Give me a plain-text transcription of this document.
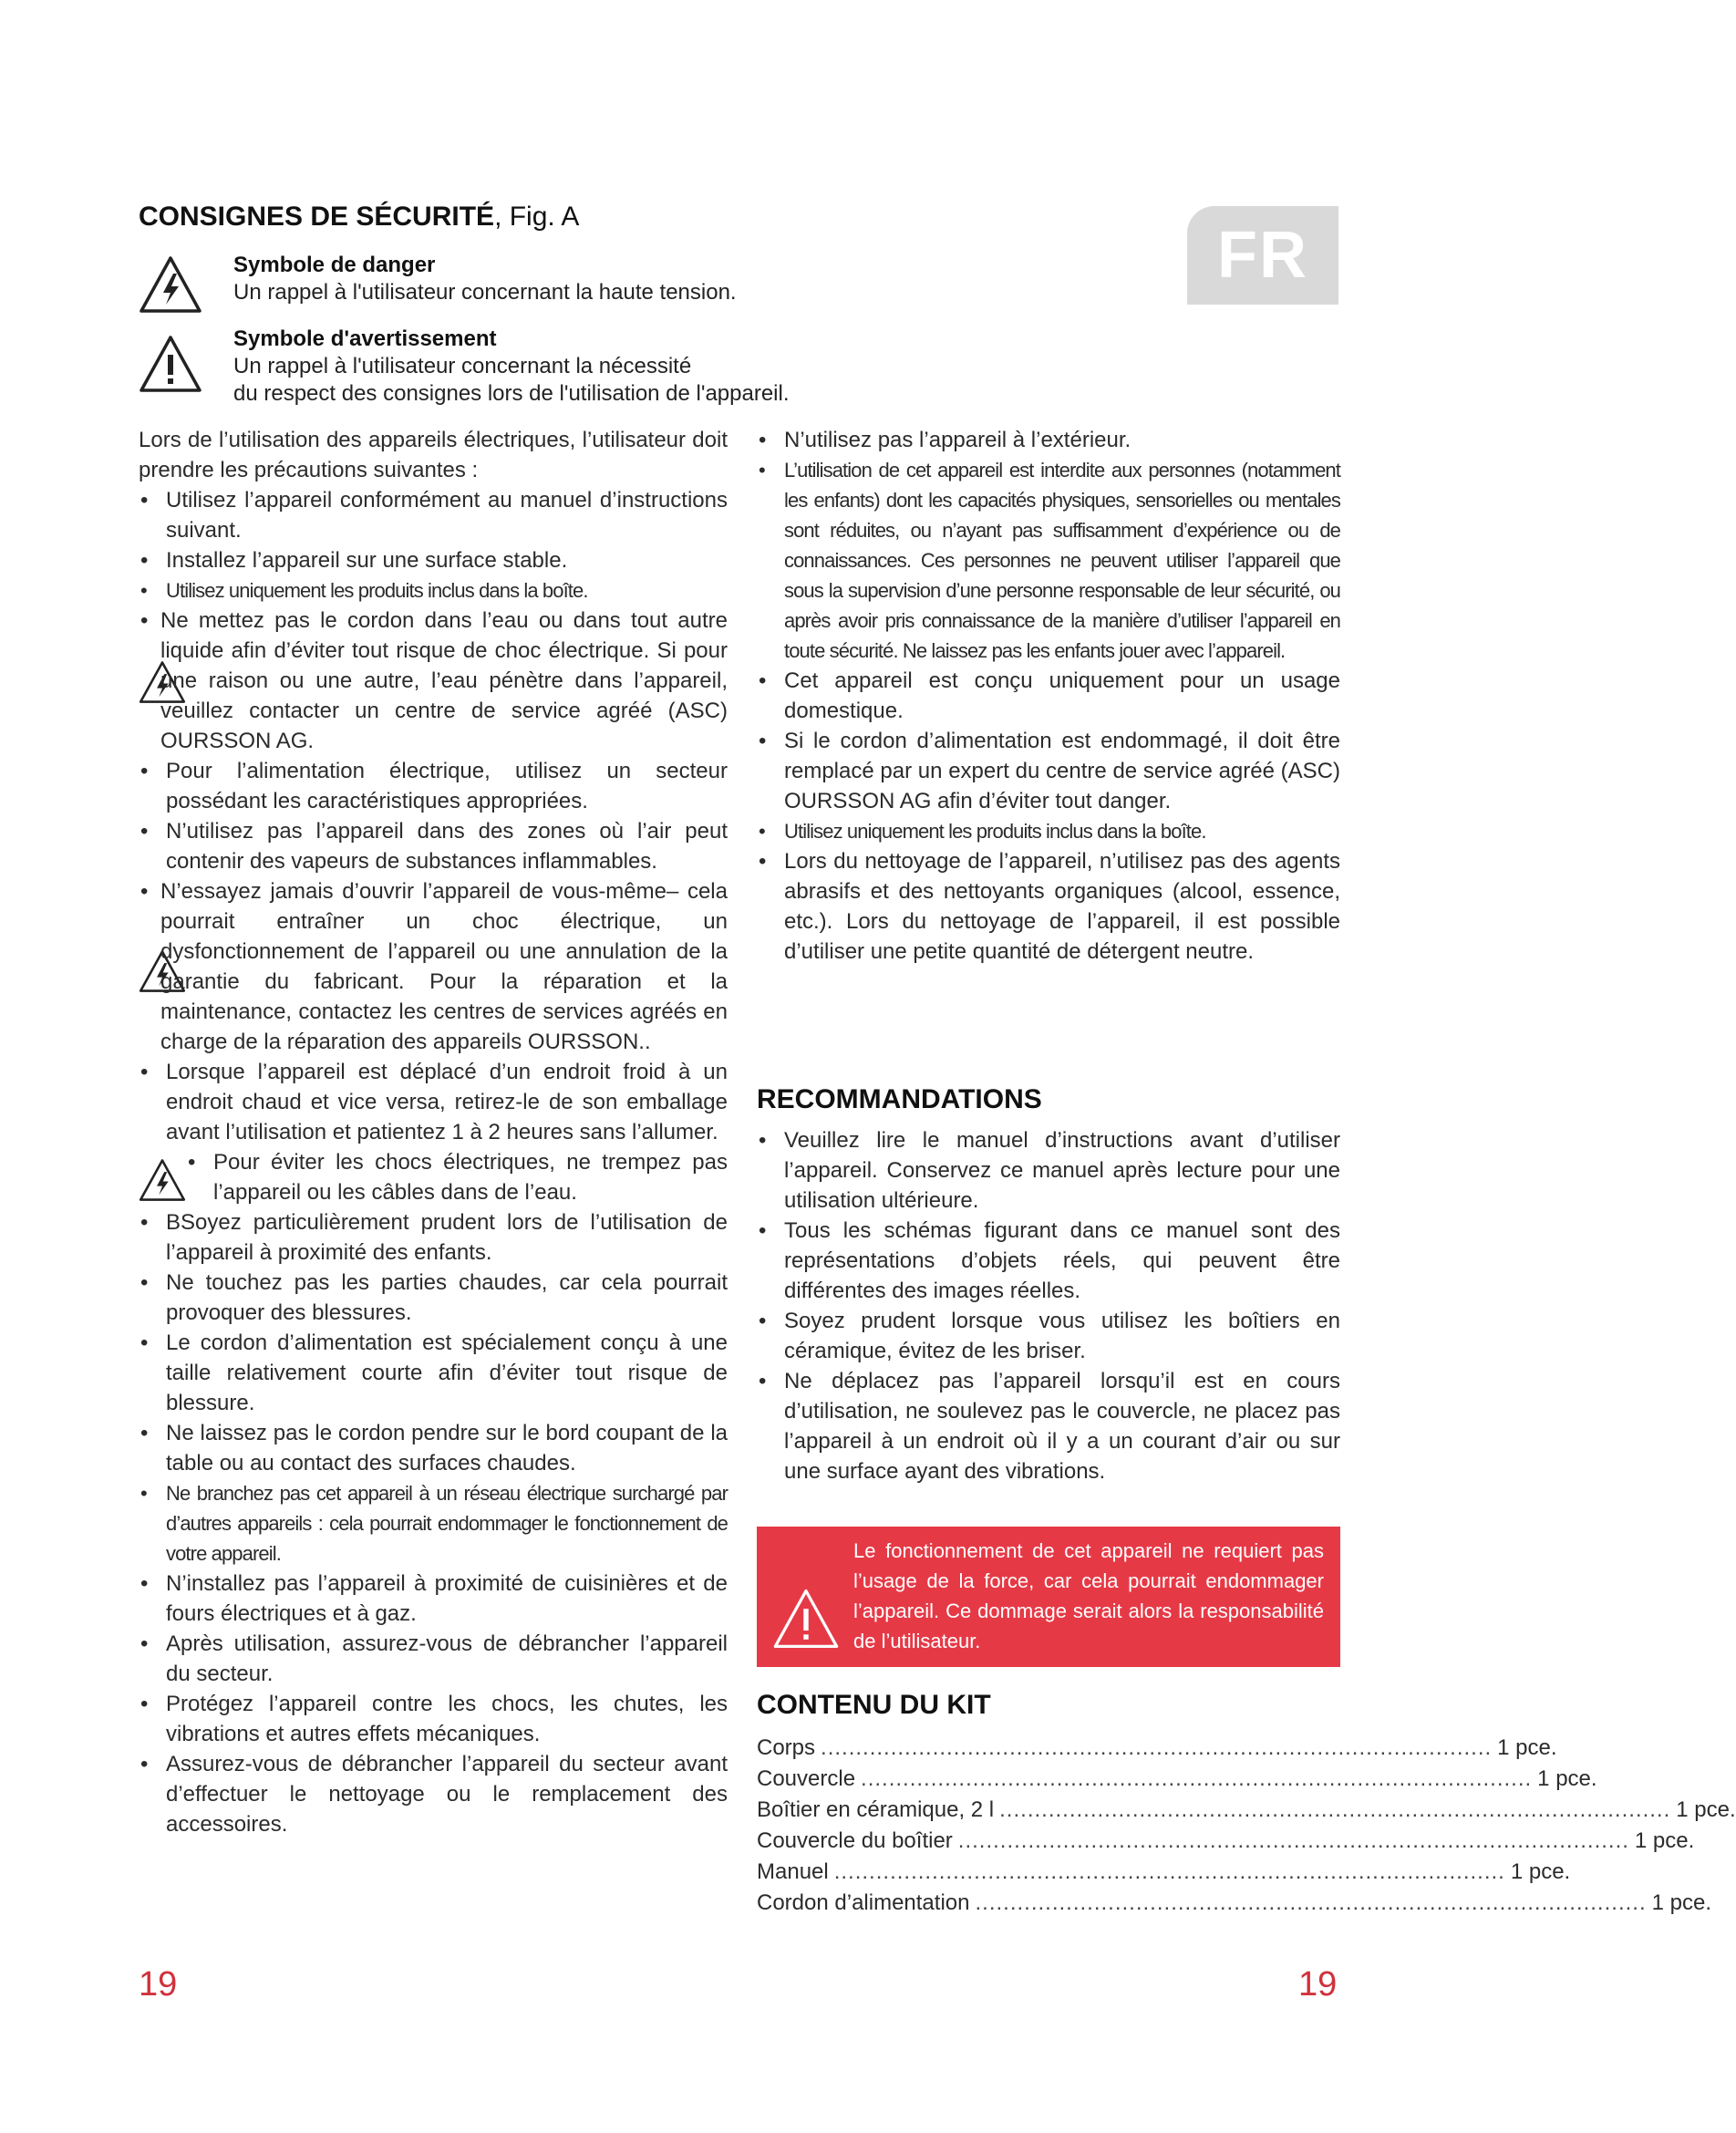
CONSIGNES DE SÉCURITÉ, Fig. A
FR
Symbole de danger
Un rappel à l'utilisateur concernant la haute tension.
Symbole d'avertissement
Un rappel à l'utilisateur concernant la nécessité
du respect des consignes lors de l'utilisation de l'appareil.

Lors de l’utilisation des appareils électriques, l’utilisateur doit prendre les précautions suivantes :

• Utilisez l’appareil conformément au manuel d’instructions suivant.
• Installez l’appareil sur une surface stable.
• Utilisez uniquement les produits inclus dans la boîte.
• Ne mettez pas le cordon dans l’eau ou dans tout autre liquide afin d’éviter tout risque de choc électrique. Si pour une raison ou une autre, l’eau pénètre dans l’appareil, veuillez contacter un centre de service agréé (ASC) OURSSON AG.
• Pour l’alimentation électrique, utilisez un secteur possédant les caractéristiques appropriées.
• N’utilisez pas l’appareil dans des zones où l’air peut contenir des vapeurs de substances inflammables.
• N’essayez jamais d’ouvrir l’appareil de vous-même– cela pourrait entraîner un choc électrique, un dysfonctionnement de l’appareil ou une annulation de la garantie du fabricant. Pour la réparation et la maintenance, contactez les centres de services agréés en charge de la réparation des appareils OURSSON..
• Lorsque l’appareil est déplacé d’un endroit froid à un endroit chaud et vice versa, retirez-le de son emballage avant l’utilisation et patientez 1 à 2 heures sans l’allumer.
• Pour éviter les chocs électriques, ne trempez pas l’appareil ou les câbles dans de l’eau.
• BSoyez particulièrement prudent lors de l’utilisation de l’appareil à proximité des enfants.
• Ne touchez pas les parties chaudes, car cela pourrait provoquer des blessures.
• Le cordon d’alimentation est spécialement conçu à une taille relativement courte afin d’éviter tout risque de blessure.
• Ne laissez pas le cordon pendre sur le bord coupant de la table ou au contact des surfaces chaudes.
• Ne branchez pas cet appareil à un réseau électrique surchargé par d’autres appareils : cela pourrait endommager le fonctionnement de votre appareil.
• N’installez pas l’appareil à proximité de cuisinières et de fours électriques et à gaz.
• Après utilisation, assurez-vous de débrancher l’appareil du secteur.
• Protégez l’appareil contre les chocs, les chutes, les vibrations et autres effets mécaniques.
• Assurez-vous de débrancher l’appareil du secteur avant d’effectuer le nettoyage ou le remplacement des accessoires.
• N’utilisez pas l’appareil à l’extérieur.
• L’utilisation de cet appareil est interdite aux personnes (notamment les enfants) dont les capacités physiques, sensorielles ou mentales sont réduites, ou n’ayant pas suffisamment d’expérience ou de connaissances. Ces personnes ne peuvent utiliser l’appareil que sous la supervision d’une personne responsable de leur sécurité, ou après avoir pris connaissance de la manière d’utiliser l’appareil en toute sécurité. Ne laissez pas les enfants jouer avec l’appareil.
• Cet appareil est conçu uniquement pour un usage domestique.
• Si le cordon d’alimentation est endommagé, il doit être remplacé par un expert du centre de service agréé (ASC) OURSSON AG afin d’éviter tout danger.
• Utilisez uniquement les produits inclus dans la boîte.
• Lors du nettoyage de l’appareil, n’utilisez pas des agents abrasifs et des nettoyants organiques (alcool, essence, etc.). Lors du nettoyage de l’appareil, il est possible d’utiliser une petite quantité de détergent neutre.
RECOMMANDATIONS
• Veuillez lire le manuel d’instructions avant d’utiliser l’appareil. Conservez ce manuel après lecture pour une utilisation ultérieure.
• Tous les schémas figurant dans ce manuel sont des représentations d’objets réels, qui peuvent être différentes des images réelles.
• Soyez prudent lorsque vous utilisez les boîtiers en céramique, évitez de les briser.
• Ne déplacez pas l’appareil lorsqu’il est en cours d’utilisation, ne soulevez pas le couvercle, ne placez pas l’appareil à un endroit où il y a un courant d’air ou sur une surface ayant des vibrations.
Le fonctionnement de cet appareil ne requiert pas l’usage de la force, car cela pourrait endommager l’appareil. Ce dommage serait alors la responsabilité de l’utilisateur.
CONTENU DU KIT
Corps ................................................................................................ 1 pce.
Couvercle ................................................................................................ 1 pce.
Boîtier en céramique, 2 l ................................................................................................ 1 pce.
Couvercle du boîtier ................................................................................................ 1 pce.
Manuel ................................................................................................ 1 pce.
Cordon d’alimentation ................................................................................................ 1 pce.
19	19
